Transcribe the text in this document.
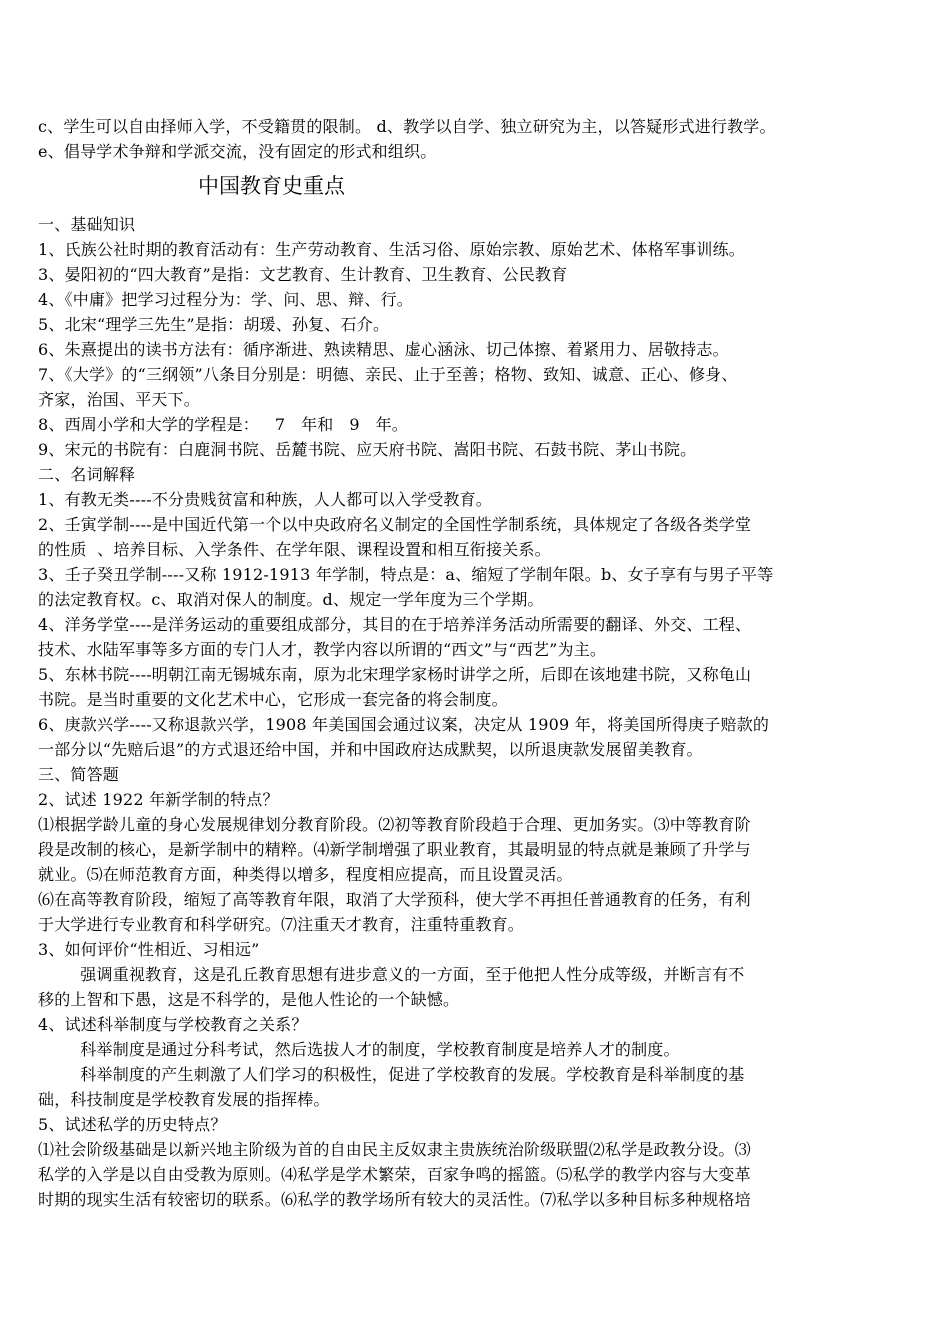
c、学生可以自由择师入学，不受籍贯的限制。 d、教学以自学、独立研究为主，以答疑形式进行教学。
e、倡导学术争辩和学派交流，没有固定的形式和组织。
中国教育史重点
一、基础知识
1、氏族公社时期的教育活动有：生产劳动教育、生活习俗、原始宗教、原始艺术、体格军事训练。
3、晏阳初的“四大教育”是指：文艺教育、生计教育、卫生教育、公民教育
4、《中庸》把学习过程分为：学、问、思、辩、行。
5、北宋“理学三先生”是指：胡瑗、孙复、石介。
6、朱熹提出的读书方法有：循序渐进、熟读精思、虚心涵泳、切己体擦、着紧用力、居敬持志。
7、《大学》的“三纲领”八条目分别是：明德、亲民、止于至善；格物、致知、诚意、正心、修身、
齐家，治国、平天下。
8、西周小学和大学的学程是：   7   年和   9   年。
9、宋元的书院有：白鹿洞书院、岳麓书院、应天府书院、嵩阳书院、石鼓书院、茅山书院。
二、名词解释
1、有教无类----不分贵贱贫富和种族，人人都可以入学受教育。
2、壬寅学制----是中国近代第一个以中央政府名义制定的全国性学制系统，具体规定了各级各类学堂
的性质  、培养目标、入学条件、在学年限、课程设置和相互衔接关系。
3、壬子癸丑学制----又称 1912-1913 年学制，特点是：a、缩短了学制年限。b、女子享有与男子平等
的法定教育权。c、取消对保人的制度。d、规定一学年度为三个学期。
4、洋务学堂----是洋务运动的重要组成部分，其目的在于培养洋务活动所需要的翻译、外交、工程、
技术、水陆军事等多方面的专门人才，教学内容以所谓的“西文”与“西艺”为主。
5、东林书院----明朝江南无锡城东南，原为北宋理学家杨时讲学之所，后即在该地建书院，又称龟山
书院。是当时重要的文化艺术中心，它形成一套完备的将会制度。
6、庚款兴学----又称退款兴学，1908 年美国国会通过议案，决定从 1909 年，将美国所得庚子赔款的
一部分以“先赔后退”的方式退还给中国，并和中国政府达成默契，以所退庚款发展留美教育。
三、简答题
2、试述 1922 年新学制的特点？
⑴根据学龄儿童的身心发展规律划分教育阶段。⑵初等教育阶段趋于合理、更加务实。⑶中等教育阶
段是改制的核心，是新学制中的精粹。⑷新学制增强了职业教育，其最明显的特点就是兼顾了升学与
就业。⑸在师范教育方面，种类得以增多，程度相应提高，而且设置灵活。
⑹在高等教育阶段，缩短了高等教育年限，取消了大学预科，使大学不再担任普通教育的任务，有利
于大学进行专业教育和科学研究。⑺注重天才教育，注重特重教育。
3、如何评价“性相近、习相远”
强调重视教育，这是孔丘教育思想有进步意义的一方面，至于他把人性分成等级，并断言有不
移的上智和下愚，这是不科学的，是他人性论的一个缺憾。
4、试述科举制度与学校教育之关系？
科举制度是通过分科考试，然后选拔人才的制度，学校教育制度是培养人才的制度。
科举制度的产生刺激了人们学习的积极性，促进了学校教育的发展。学校教育是科举制度的基
础，科技制度是学校教育发展的指挥棒。
5、试述私学的历史特点？
⑴社会阶级基础是以新兴地主阶级为首的自由民主反奴隶主贵族统治阶级联盟⑵私学是政教分设。⑶
私学的入学是以自由受教为原则。⑷私学是学术繁荣，百家争鸣的摇篮。⑸私学的教学内容与大变革
时期的现实生活有较密切的联系。⑹私学的教学场所有较大的灵活性。⑺私学以多种目标多种规格培
